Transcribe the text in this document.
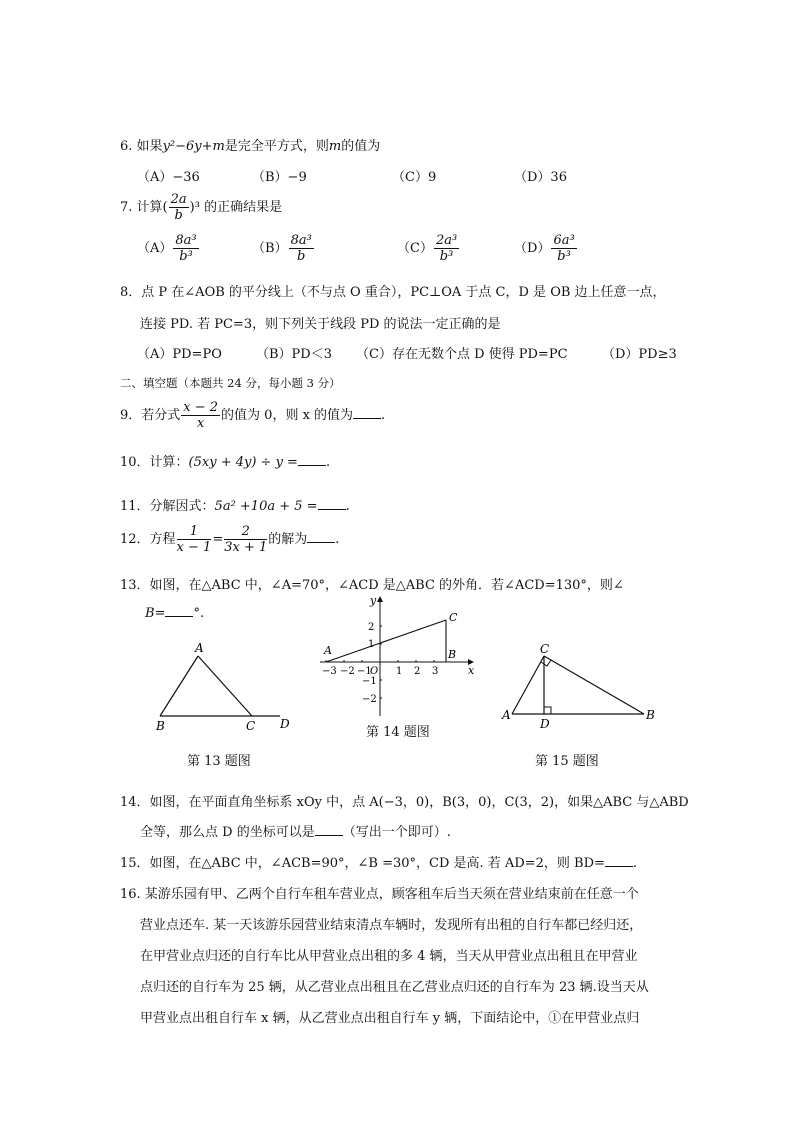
6. 如果y²−6y+m是完全平方式，则m的值为
（A）−36	（B）−9	（C）9	（D）36
7. 计算( $\frac{2a}{b} )^3$ 的正确结果是
$(A) \frac{\text{8a³}}{\text{b³}}$	$(B) \frac{\text{8a³}}{b}$	$(C) \frac{\text{2a³}}{\text{b³}}$	$(D) \frac{\text{6a³}}{\text{b³}}$
8．点 P 在∠AOB 的平分线上（不与点 O 重合），PC⊥OA 于点 C，D 是 OB 边上任意一点，
连接 PD. 若 PC=3，则下列关于线段 PD 的说法一定正确的是
（A）PD=PO	（B）PD＜3 （C）存在无数个点 D 使得 PD=PC	（D）PD≥3
二、填空题（本题共 24 分，每小题 3 分）
9．若分式 $\frac{x - 2}{x}$ 的值为 0，则 x 的值为 .
10．计算：(5xy + 4y) ÷ y = .
11．分解因式：5a² +10a + 5 = .
12．方程 $\frac{1}{x - 1} = \frac{2}{3x + 1}$ 的解为 .
13．如图，在△ABC 中，∠A=70°，∠ACD 是△ABC 的外角．若∠ACD=130°，则∠
B= °.
A
B	C D
第 13 题图
x
y
O
−3 −2 −1 1 2 3
2
1
−1
−2
A	B
C
第 14 题图
C
A
D
B
第 15 题图
14．如图，在平面直角坐标系 xOy 中，点 A(−3，0)，B(3，0)，C(3，2)，如果△ABC 与△ABD
全等，那么点 D 的坐标可以是 （写出一个即可）.
15．如图，在△ABC 中，∠ACB=90°，∠B =30°，CD 是高. 若 AD=2，则 BD= .
16. 某游乐园有甲、乙两个自行车租车营业点，顾客租车后当天须在营业结束前在任意一个
营业点还车. 某一天该游乐园营业结束清点车辆时，发现所有出租的自行车都已经归还，
在甲营业点归还的自行车比从甲营业点出租的多 4 辆，当天从甲营业点出租且在甲营业
点归还的自行车为 25 辆，从乙营业点出租且在乙营业点归还的自行车为 23 辆.设当天从
甲营业点出租自行车 x 辆，从乙营业点出租自行车 y 辆，下面结论中，①在甲营业点归
